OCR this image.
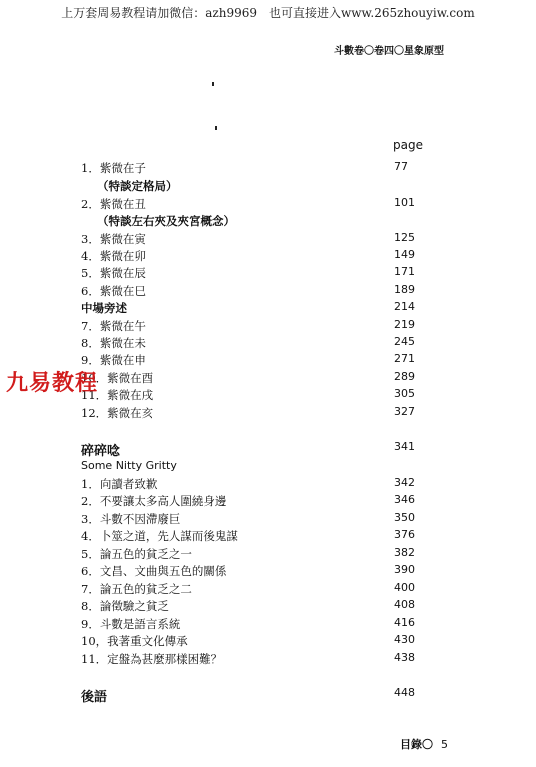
上万套周易教程请加微信：azh9969　也可直接进入www.265zhouyiw.com
斗數卷〇卷四〇星象原型
page
1．紫微在子	77
（特談定格局）
2．紫微在丑	101
（特談左右夾及夾宮概念）
3．紫微在寅	125
4．紫微在卯	149
5．紫微在辰	171
6．紫微在巳	189
中場旁述	214
7．紫微在午	219
8．紫微在未	245
9．紫微在申	271
10．紫微在酉	289
11．紫微在戌	305
12．紫微在亥	327
碎碎唸	341
Some Nitty Gritty
1．向讀者致歉	342
2．不要讓太多高人圍繞身邊	346
3．斗數不因滯廢巨	350
4．卜筮之道，先人謀而後鬼謀	376
5．論五色的貧乏之一	382
6．文昌、文曲與五色的關係	390
7．論五色的貧乏之二	400
8．論徵驗之貧乏	408
9．斗數是語言系統	416
10，我著重文化傳承	430
11．定盤為甚麼那樣困難？	438
後語	448
九易教程
目錄〇 5
